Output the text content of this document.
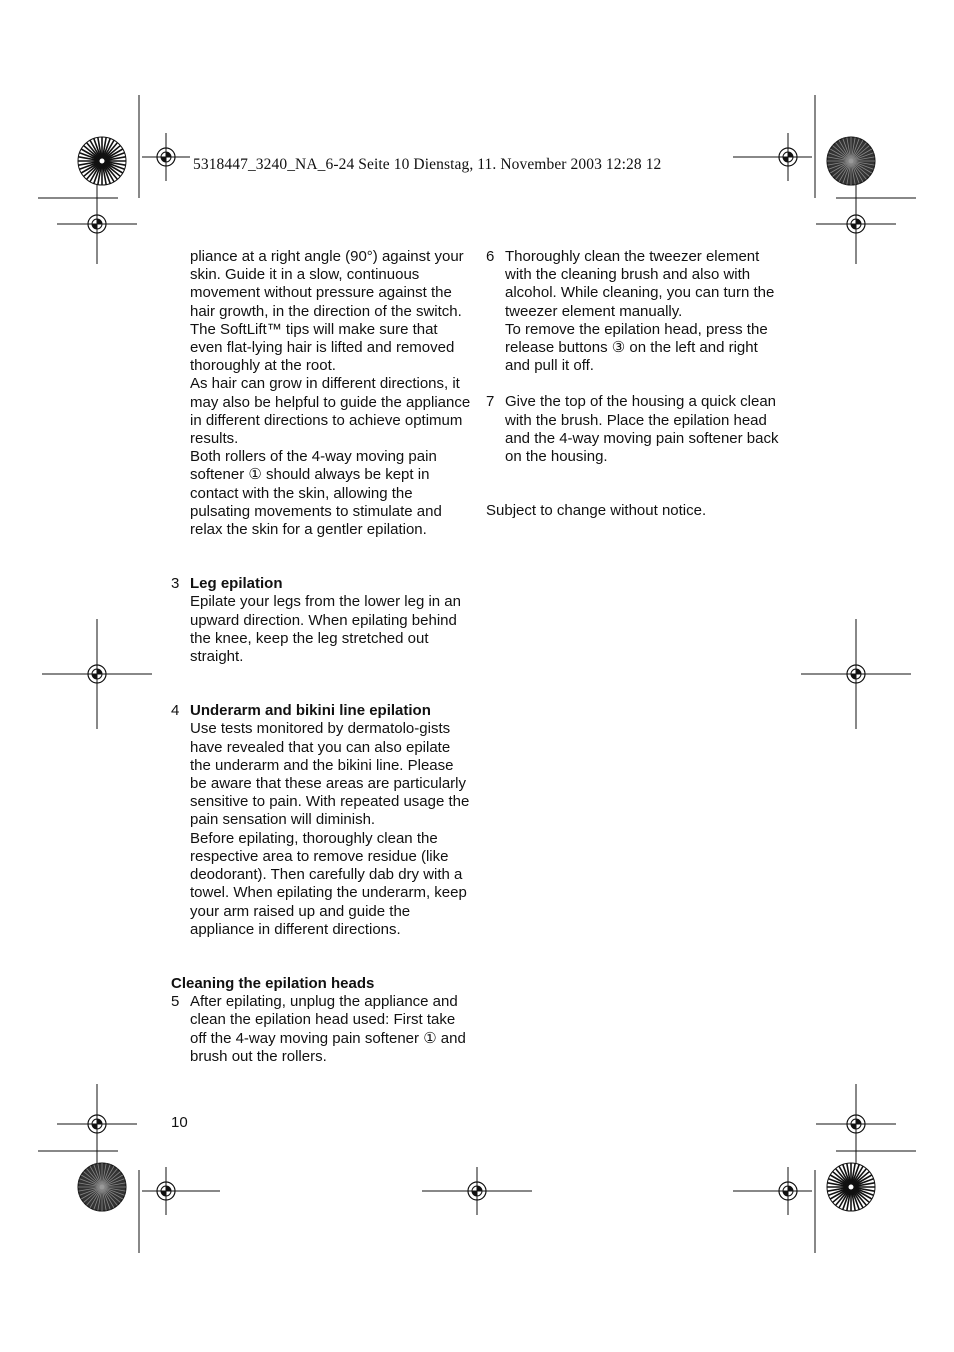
5318447_3240_NA_6-24 Seite 10 Dienstag, 11. November 2003 12:28 12

pliance at a right angle (90°) against your skin. Guide it in a slow, continuous movement without pressure against the hair growth, in the direction of the switch. The SoftLift™ tips will make sure that even flat-lying hair is lifted and removed thoroughly at the root.

As hair can grow in different directions, it may also be helpful to guide the appliance in different directions to achieve optimum results.

Both rollers of the 4-way moving pain softener ① should always be kept in contact with the skin, allowing the pulsating movements to stimulate and relax the skin for a gentler epilation.

3 Leg epilation

Epilate your legs from the lower leg in an upward direction. When epilating behind the knee, keep the leg stretched out straight.

4 Underarm and bikini line epilation

Use tests monitored by dermatolo-gists have revealed that you can also epilate the underarm and the bikini line. Please be aware that these areas are particularly sensitive to pain. With repeated usage the pain sensation will diminish.

Before epilating, thoroughly clean the respective area to remove residue (like deodorant). Then carefully dab dry with a towel. When epilating the underarm, keep your arm raised up and guide the appliance in different directions.

Cleaning the epilation heads

5 After epilating, unplug the appliance and clean the epilation head used: First take off the 4-way moving pain softener ① and brush out the rollers.

6 Thoroughly clean the tweezer element with the cleaning brush and also with alcohol. While cleaning, you can turn the tweezer element manually.

To remove the epilation head, press the release buttons ③ on the left and right and pull it off.

7 Give the top of the housing a quick clean with the brush. Place the epilation head and the 4-way moving pain softener back on the housing.

Subject to change without notice.

10
